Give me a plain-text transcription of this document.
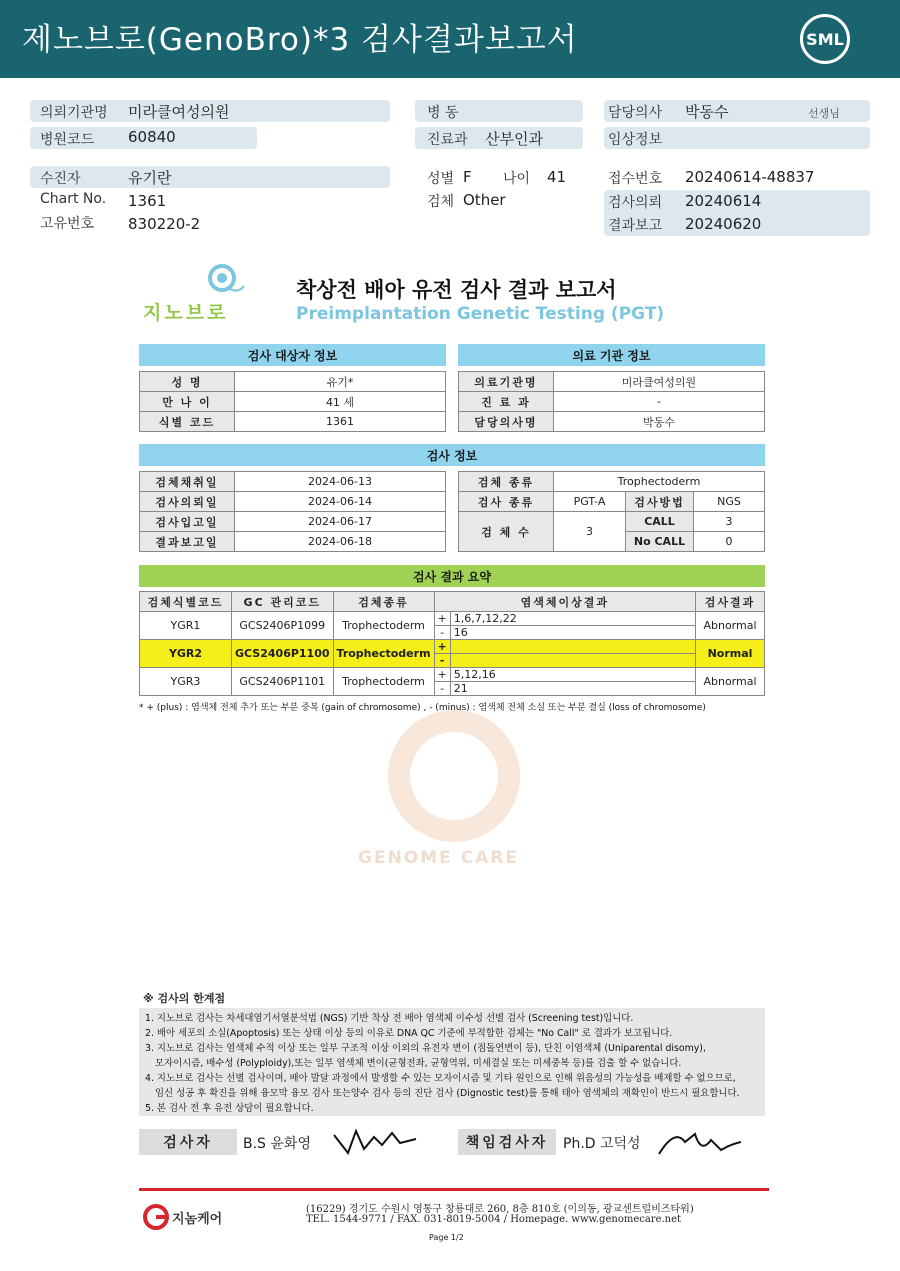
제노브로(GenoBro)*3 검사결과보고서	SML
의뢰기관명 미라클여성의원	병 동	담당의사 박동수	선생님
병원코드 60840	진료과 산부인과	임상정보
수진자	유기란	성별 F 나이 41	접수번호 20240614-48837
Chart No. 1361	검체 Other	검사의뢰 20240614
고유번호 830220-2	결과보고 20240620
지노브로
착상전 배아 유전 검사 결과 보고서
Preimplantation Genetic Testing (PGT)
검사 대상자 정보
성 명	유기*
만 나 이	41 세
식별 코드	1361
의료 기관 정보
의료기관명	미라클여성의원
진 료 과	-
담당의사명	박동수
검사 정보
검체채취일	2024-06-13
검사의뢰일	2024-06-14
검사입고일	2024-06-17
결과보고일	2024-06-18
검체 종류	Trophectoderm		
검사 종류	PGT-A	검사방법	NGS
검 체 수	3	CALL	3
		No CALL	0
검사 결과 요약
검체식별코드	GC 관리코드	검체종류	염색체이상결과		검사결과
YGR1	GCS2406P1099	Trophectoderm	+	1,6,7,12,22	Abnormal
			-	16	
YGR2	GCS2406P1100	Trophectoderm	+		Normal
			-		
YGR3	GCS2406P1101	Trophectoderm	+	5,12,16	Abnormal
			-	21	
* + (plus) : 염색체 전체 추가 또는 부분 중복 (gain of chromosome) , - (minus) : 염색체 전체 소실 또는 부분 결실 (loss of chromosome)
GENOME CARE
※ 검사의 한계점
1. 지노브로 검사는 차세대염기서열분석법 (NGS) 기반 착상 전 배아 염색체 이수성 선별 검사 (Screening test)입니다.
2. 배아 세포의 소실(Apoptosis) 또는 상태 이상 등의 이유로 DNA QC 기준에 부적합한 검체는 "No Call" 로 결과가 보고됩니다.
3. 지노브로 검사는 염색체 수적 이상 또는 일부 구조적 이상 이외의 유전자 변이 (점돌연변이 등), 단친 이염색체 (Uniparental disomy),
모자이시즘, 배수성 (Polyploidy),또는 일부 염색체 변이(균형전좌, 균형역위, 미세결실 또는 미세중복 등)를 검출 할 수 없습니다.
4. 지노브로 검사는 선별 검사이며, 배아 발달 과정에서 발생할 수 있는 모자이시즘 및 기타 원인으로 인해 위음성의 가능성을 배제할 수 없으므로,
임신 성공 후 확진을 위해 융모막 융모 검사 또는양수 검사 등의 진단 검사 (Dignostic test)를 통해 태아 염색체의 재확인이 반드시 필요합니다.
5. 본 검사 전 후 유전 상담이 필요합니다.
검사자	B.S 윤화영	책임검사자	Ph.D 고덕성
지놈케어
(16229) 경기도 수원시 영통구 창룡대로 260, 8층 810호 (이의동, 광교센트럴비즈타워)
TEL. 1544-9771 / FAX. 031-8019-5004 / Homepage. www.genomecare.net
Page 1/2
